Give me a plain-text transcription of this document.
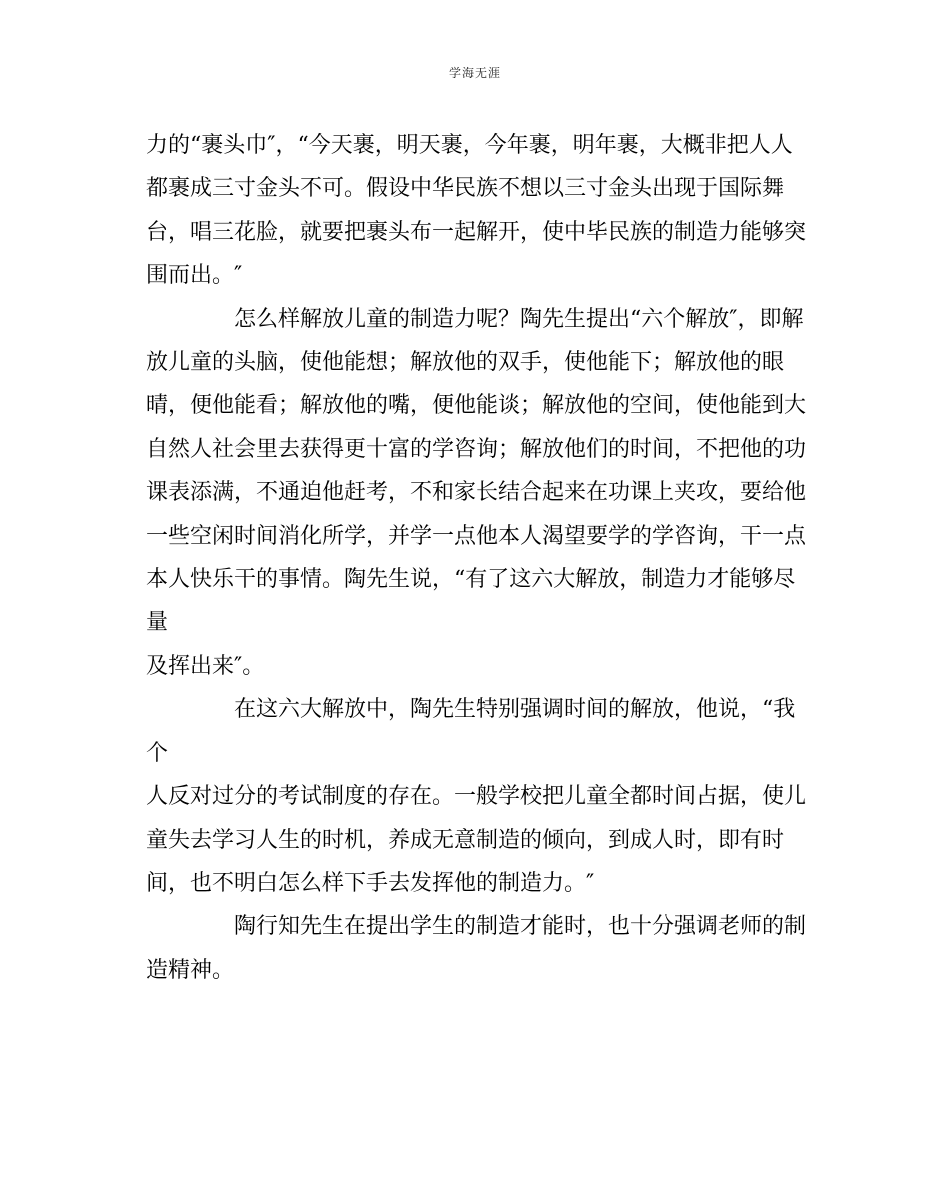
学海无涯

力的“裹头巾″，“今天裹，明天裹，今年裹，明年裹，大概非把人人
都裹成三寸金头不可。假设中华民族不想以三寸金头出现于国际舞
台，唱三花脸，就要把裹头布一起解开，使中毕民族的制造力能够突
围而出。″

怎么样解放儿童的制造力呢？陶先生提出“六个解放″，即解
放儿童的头脑，使他能想；解放他的双手，使他能下；解放他的眼
晴，便他能看；解放他的嘴，便他能谈；解放他的空间，使他能到大
自然人社会里去获得更十富的学咨询；解放他们的时间，不把他的功
课表添满，不通迫他赶考，不和家长结合起来在功课上夹攻，要给他
一些空闲时间消化所学，并学一点他本人渴望要学的学咨询，干一点
本人快乐干的事情。陶先生说，“有了这六大解放，制造力才能够尽量
及挥出来″。

在这六大解放中，陶先生特别强调时间的解放，他说，“我个
人反对过分的考试制度的存在。一般学校把儿童全都时间占据，使儿
童失去学习人生的时机，养成无意制造的倾向，到成人时，即有时
间，也不明白怎么样下手去发挥他的制造力。″

陶行知先生在提出学生的制造才能时，也十分强调老师的制
造精神。
